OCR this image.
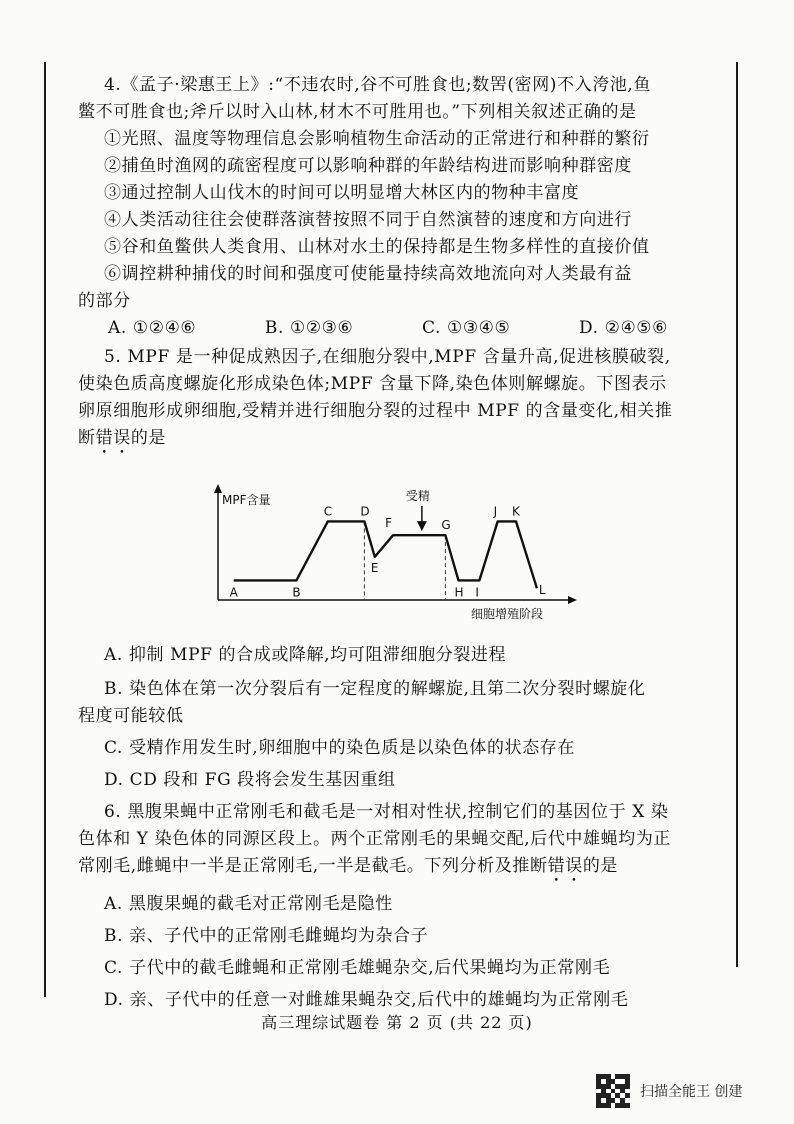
4.《孟子·梁惠王上》:“不违农时,谷不可胜食也;数罟(密网)不入洿池,鱼
鳖不可胜食也;斧斤以时入山林,材木不可胜用也。”下列相关叙述正确的是
①光照、温度等物理信息会影响植物生命活动的正常进行和种群的繁衍
②捕鱼时渔网的疏密程度可以影响种群的年龄结构进而影响种群密度
③通过控制人山伐木的时间可以明显增大林区内的物种丰富度
④人类活动往往会使群落演替按照不同于自然演替的速度和方向进行
⑤谷和鱼鳖供人类食用、山林对水土的保持都是生物多样性的直接价值
⑥调控耕种捕伐的时间和强度可使能量持续高效地流向对人类最有益
的部分
A. ①②④⑥	B. ①②③⑥	C. ①③④⑤	D. ②④⑤⑥
5. MPF 是一种促成熟因子,在细胞分裂中,MPF 含量升高,促进核膜破裂,
使染色质高度螺旋化形成染色体;MPF 含量下降,染色体则解螺旋。下图表示
卵原细胞形成卵细胞,受精并进行细胞分裂的过程中 MPF 的含量变化,相关推
断错误的是
MPF含量
细胞增殖阶段
A	B
C D
E
F	G
H I
J K
L
受精
A. 抑制 MPF 的合成或降解,均可阻滞细胞分裂进程
B. 染色体在第一次分裂后有一定程度的解螺旋,且第二次分裂时螺旋化
程度可能较低
C. 受精作用发生时,卵细胞中的染色质是以染色体的状态存在
D. CD 段和 FG 段将会发生基因重组
6. 黑腹果蝇中正常刚毛和截毛是一对相对性状,控制它们的基因位于 X 染
色体和 Y 染色体的同源区段上。两个正常刚毛的果蝇交配,后代中雄蝇均为正
常刚毛,雌蝇中一半是正常刚毛,一半是截毛。下列分析及推断错误的是
A. 黑腹果蝇的截毛对正常刚毛是隐性
B. 亲、子代中的正常刚毛雌蝇均为杂合子
C. 子代中的截毛雌蝇和正常刚毛雄蝇杂交,后代果蝇均为正常刚毛
D. 亲、子代中的任意一对雌雄果蝇杂交,后代中的雄蝇均为正常刚毛
高三理综试题卷 第 2 页 (共 22 页)
扫描全能王 创建
